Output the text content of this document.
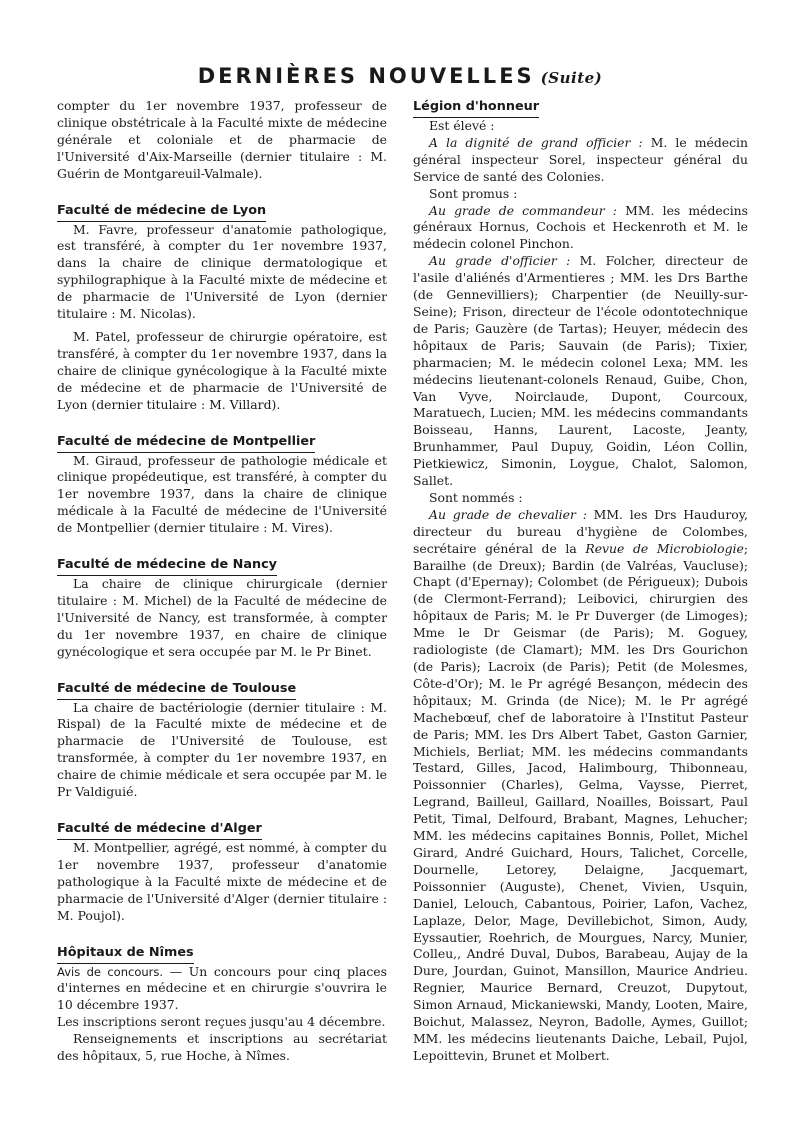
DERNIÈRES NOUVELLES (Suite)

compter du 1er novembre 1937, professeur de clinique obstétricale à la Faculté mixte de médecine générale et coloniale et de pharmacie de l'Université d'Aix-Marseille (dernier titulaire : M. Guérin de Montgareuil-Valmale).

Faculté de médecine de Lyon

M. Favre, professeur d'anatomie pathologique, est transféré, à compter du 1er novembre 1937, dans la chaire de clinique dermatologique et syphilographique à la Faculté mixte de médecine et de pharmacie de l'Université de Lyon (dernier titulaire : M. Nicolas).

M. Patel, professeur de chirurgie opératoire, est transféré, à compter du 1er novembre 1937, dans la chaire de clinique gynécologique à la Faculté mixte de médecine et de pharmacie de l'Université de Lyon (dernier titulaire : M. Villard).

Faculté de médecine de Montpellier

M. Giraud, professeur de pathologie médicale et clinique propédeutique, est transféré, à compter du 1er novembre 1937, dans la chaire de clinique médicale à la Faculté de médecine de l'Université de Montpellier (dernier titulaire : M. Vires).

Faculté de médecine de Nancy

La chaire de clinique chirurgicale (dernier titulaire : M. Michel) de la Faculté de médecine de l'Université de Nancy, est transformée, à compter du 1er novembre 1937, en chaire de clinique gynécologique et sera occupée par M. le Pr Binet.

Faculté de médecine de Toulouse

La chaire de bactériologie (dernier titulaire : M. Rispal) de la Faculté mixte de médecine et de pharmacie de l'Université de Toulouse, est transformée, à compter du 1er novembre 1937, en chaire de chimie médicale et sera occupée par M. le Pr Valdiguié.

Faculté de médecine d'Alger

M. Montpellier, agrégé, est nommé, à compter du 1er novembre 1937, professeur d'anatomie pathologique à la Faculté mixte de médecine et de pharmacie de l'Université d'Alger (dernier titulaire : M. Poujol).

Hôpitaux de Nîmes

Avis de concours. — Un concours pour cinq places d'internes en médecine et en chirurgie s'ouvrira le 10 décembre 1937.

Les inscriptions seront reçues jusqu'au 4 décembre.

Renseignements et inscriptions au secrétariat des hôpitaux, 5, rue Hoche, à Nîmes.

Légion d'honneur

Est élevé :

A la dignité de grand officier : M. le médecin général inspecteur Sorel, inspecteur général du Service de santé des Colonies.

Sont promus :

Au grade de commandeur : MM. les médecins généraux Hornus, Cochois et Heckenroth et M. le médecin colonel Pinchon.

Au grade d'officier : M. Folcher, directeur de l'asile d'aliénés d'Armentieres ; MM. les Drs Barthe (de Gennevilliers); Charpentier (de Neuilly-sur-Seine); Frison, directeur de l'école odontotechnique de Paris; Gauzère (de Tartas); Heuyer, médecin des hôpitaux de Paris; Sauvain (de Paris); Tixier, pharmacien; M. le médecin colonel Lexa; MM. les médecins lieutenant-colonels Renaud, Guibe, Chon, Van Vyve, Noirclaude, Dupont, Courcoux, Maratuech, Lucien; MM. les médecins commandants Boisseau, Hanns, Laurent, Lacoste, Jeanty, Brunhammer, Paul Dupuy, Goidin, Léon Collin, Pietkiewicz, Simonin, Loygue, Chalot, Salomon, Sallet.

Sont nommés :

Au grade de chevalier : MM. les Drs Hauduroy, directeur du bureau d'hygiène de Colombes, secrétaire général de la Revue de Microbiologie; Barailhe (de Dreux); Bardin (de Valréas, Vaucluse); Chapt (d'Epernay); Colombet (de Périgueux); Dubois (de Clermont-Ferrand); Leibovici, chirurgien des hôpitaux de Paris; M. le Pr Duverger (de Limoges); Mme le Dr Geismar (de Paris); M. Goguey, radiologiste (de Clamart); MM. les Drs Gourichon (de Paris); Lacroix (de Paris); Petit (de Molesmes, Côte-d'Or); M. le Pr agrégé Besançon, médecin des hôpitaux; M. Grinda (de Nice); M. le Pr agrégé Machebœuf, chef de laboratoire à l'Institut Pasteur de Paris; MM. les Drs Albert Tabet, Gaston Garnier, Michiels, Berliat; MM. les médecins commandants Testard, Gilles, Jacod, Halimbourg, Thibonneau, Poissonnier (Charles), Gelma, Vaysse, Pierret, Legrand, Bailleul, Gaillard, Noailles, Boissart, Paul Petit, Timal, Delfourd, Brabant, Magnes, Lehucher; MM. les médecins capitaines Bonnis, Pollet, Michel Girard, André Guichard, Hours, Talichet, Corcelle, Dournelle, Letorey, Delaigne, Jacquemart, Poissonnier (Auguste), Chenet, Vivien, Usquin, Daniel, Lelouch, Cabantous, Poirier, Lafon, Vachez, Laplaze, Delor, Mage, Devillebichot, Simon, Audy, Eyssautier, Roehrich, de Mourgues, Narcy, Munier, Colleu,, André Duval, Dubos, Barabeau, Aujay de la Dure, Jourdan, Guinot, Mansillon, Maurice Andrieu. Regnier, Maurice Bernard, Creuzot, Dupytout, Simon Arnaud, Mickaniewski, Mandy, Looten, Maire, Boichut, Malassez, Neyron, Badolle, Aymes, Guillot; MM. les médecins lieutenants Daiche, Lebail, Pujol, Lepoittevin, Brunet et Molbert.
